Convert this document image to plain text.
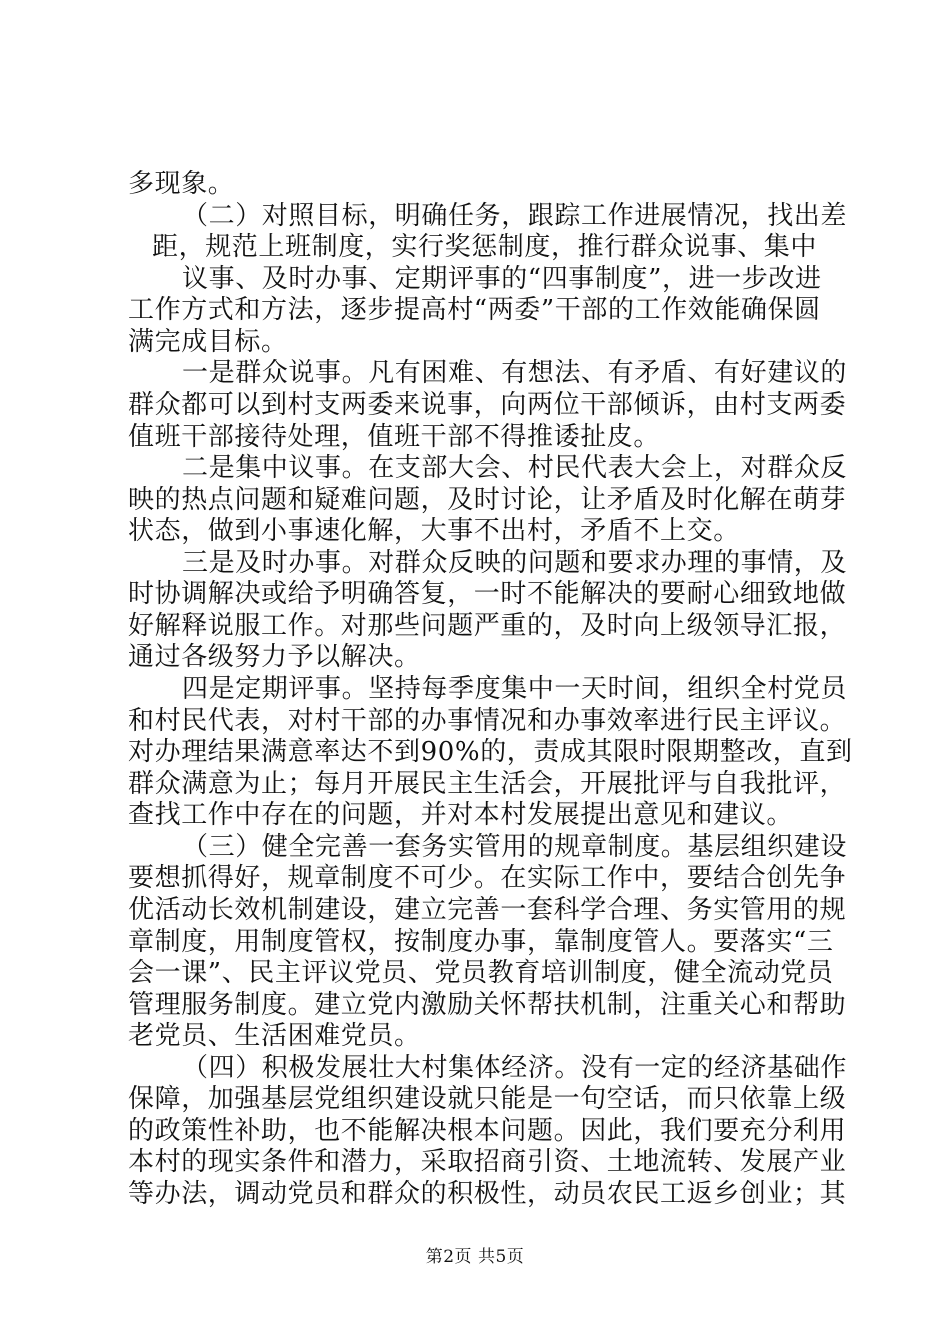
多现象。
（二）对照目标，明确任务，跟踪工作进展情况，找出差
距，规范上班制度，实行奖惩制度，推行群众说事、集中
议事、及时办事、定期评事的“四事制度”，进一步改进
工作方式和方法，逐步提高村“两委”干部的工作效能确保圆
满完成目标。
一是群众说事。凡有困难、有想法、有矛盾、有好建议的
群众都可以到村支两委来说事，向两位干部倾诉，由村支两委
值班干部接待处理，值班干部不得推诿扯皮。
二是集中议事。在支部大会、村民代表大会上，对群众反
映的热点问题和疑难问题，及时讨论，让矛盾及时化解在萌芽
状态，做到小事速化解，大事不出村，矛盾不上交。
三是及时办事。对群众反映的问题和要求办理的事情，及
时协调解决或给予明确答复，一时不能解决的要耐心细致地做
好解释说服工作。对那些问题严重的，及时向上级领导汇报，
通过各级努力予以解决。
四是定期评事。坚持每季度集中一天时间，组织全村党员
和村民代表，对村干部的办事情况和办事效率进行民主评议。
对办理结果满意率达不到90%的，责成其限时限期整改，直到
群众满意为止；每月开展民主生活会，开展批评与自我批评，
查找工作中存在的问题，并对本村发展提出意见和建议。
（三）健全完善一套务实管用的规章制度。基层组织建设
要想抓得好，规章制度不可少。在实际工作中，要结合创先争
优活动长效机制建设，建立完善一套科学合理、务实管用的规
章制度，用制度管权，按制度办事，靠制度管人。要落实“三
会一课”、民主评议党员、党员教育培训制度，健全流动党员
管理服务制度。建立党内激励关怀帮扶机制，注重关心和帮助
老党员、生活困难党员。
（四）积极发展壮大村集体经济。没有一定的经济基础作
保障，加强基层党组织建设就只能是一句空话，而只依靠上级
的政策性补助，也不能解决根本问题。因此，我们要充分利用
本村的现实条件和潜力，采取招商引资、土地流转、发展产业
等办法，调动党员和群众的积极性，动员农民工返乡创业；其
第2页 共5页
